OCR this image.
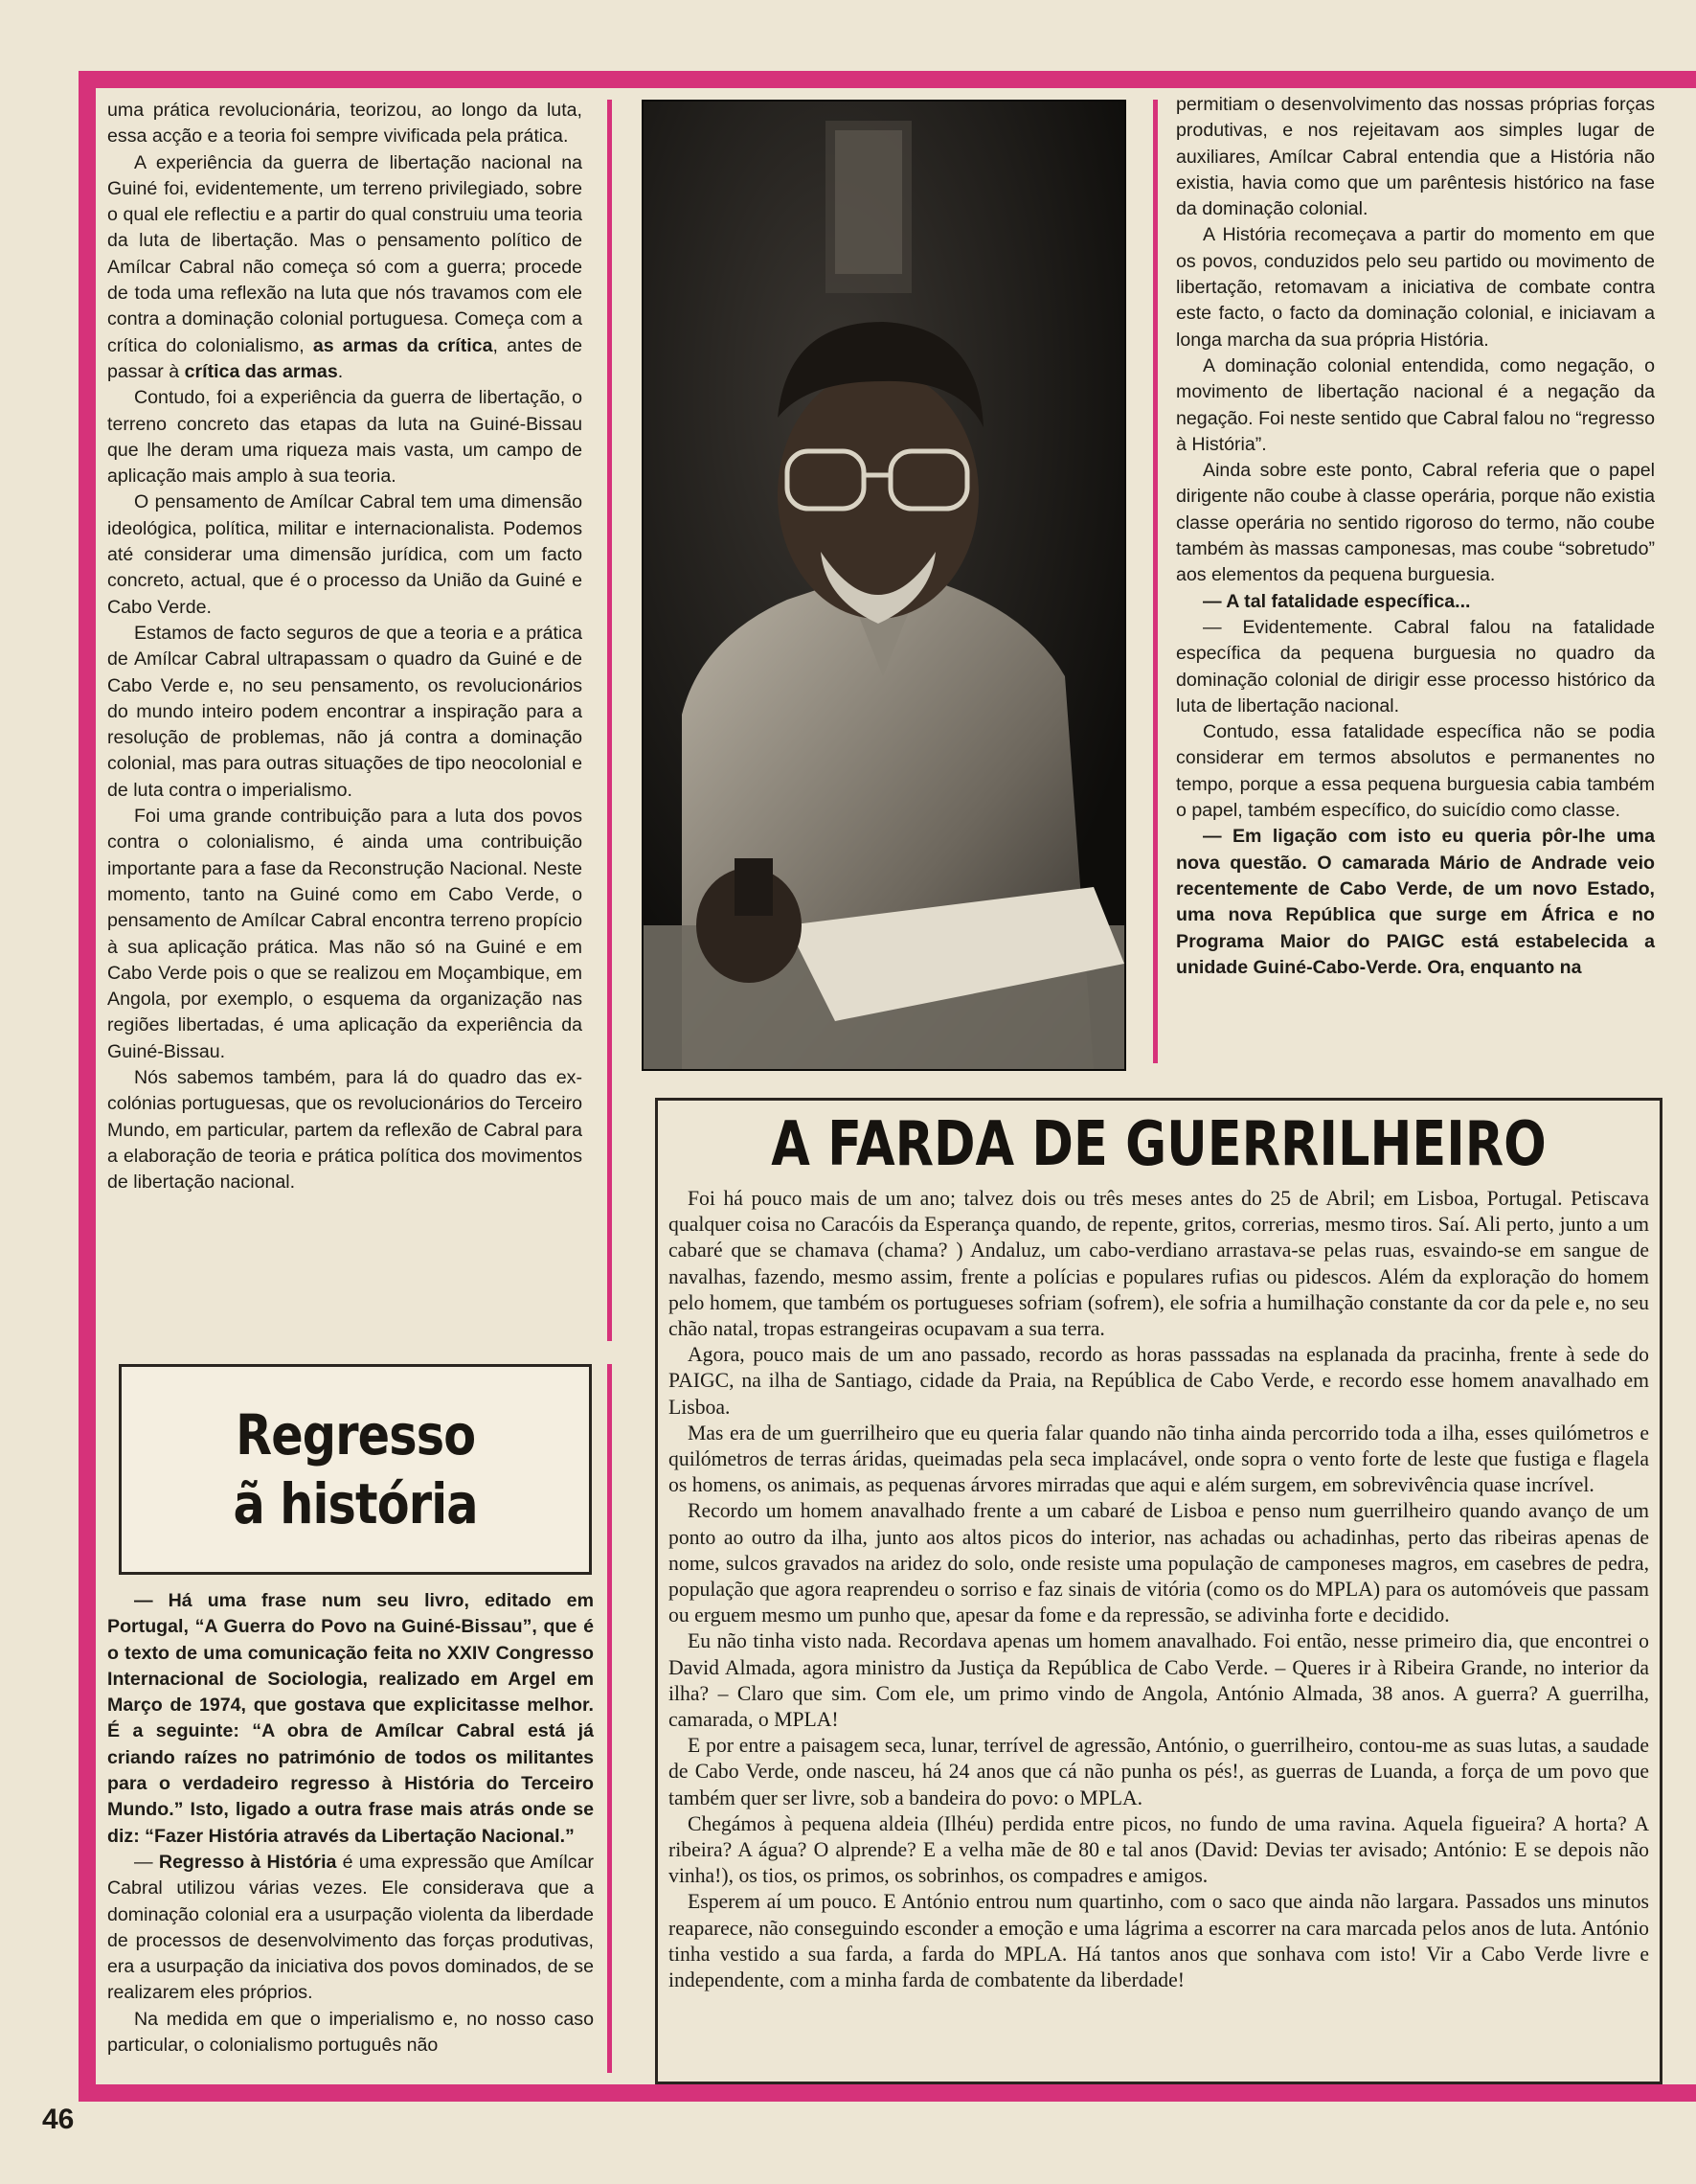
uma prática revolucionária, teorizou, ao longo da luta, essa acção e a teoria foi sempre vivificada pela prática.

A experiência da guerra de libertação nacional na Guiné foi, evidentemente, um terreno privilegiado, sobre o qual ele reflectiu e a partir do qual construiu uma teoria da luta de libertação. Mas o pensamento político de Amílcar Cabral não começa só com a guerra; procede de toda uma reflexão na luta que nós travamos com ele contra a dominação colonial portuguesa. Começa com a crítica do colonialismo, as armas da crítica, antes de passar à crítica das armas.

Contudo, foi a experiência da guerra de libertação, o terreno concreto das etapas da luta na Guiné-Bissau que lhe deram uma riqueza mais vasta, um campo de aplicação mais amplo à sua teoria.

O pensamento de Amílcar Cabral tem uma dimensão ideológica, política, militar e internacionalista. Podemos até considerar uma dimensão jurídica, com um facto concreto, actual, que é o processo da União da Guiné e Cabo Verde.

Estamos de facto seguros de que a teoria e a prática de Amílcar Cabral ultrapassam o quadro da Guiné e de Cabo Verde e, no seu pensamento, os revolucionários do mundo inteiro podem encontrar a inspiração para a resolução de problemas, não já contra a dominação colonial, mas para outras situações de tipo neocolonial e de luta contra o imperialismo.

Foi uma grande contribuição para a luta dos povos contra o colonialismo, é ainda uma contribuição importante para a fase da Reconstrução Nacional. Neste momento, tanto na Guiné como em Cabo Verde, o pensamento de Amílcar Cabral encontra terreno propício à sua aplicação prática. Mas não só na Guiné e em Cabo Verde pois o que se realizou em Moçambique, em Angola, por exemplo, o esquema da organização nas regiões libertadas, é uma aplicação da experiência da Guiné-Bissau.

Nós sabemos também, para lá do quadro das ex-colónias portuguesas, que os revolucionários do Terceiro Mundo, em particular, partem da reflexão de Cabral para a elaboração de teoria e prática política dos movimentos de libertação nacional.

Regresso
ã história

— Há uma frase num seu livro, editado em Portugal, “A Guerra do Povo na Guiné-Bissau”, que é o texto de uma comunicação feita no XXIV Congresso Internacional de Sociologia, realizado em Argel em Março de 1974, que gostava que explicitasse melhor. É a seguinte: “A obra de Amílcar Cabral está já criando raízes no património de todos os militantes para o verdadeiro regresso à História do Terceiro Mundo.” Isto, ligado a outra frase mais atrás onde se diz: “Fazer História através da Libertação Nacional.”

— Regresso à História é uma expressão que Amílcar Cabral utilizou várias vezes. Ele considerava que a dominação colonial era a usurpação violenta da liberdade de processos de desenvolvimento das forças produtivas, era a usurpação da iniciativa dos povos dominados, de se realizarem eles próprios.

Na medida em que o imperialismo e, no nosso caso particular, o colonialismo português não

permitiam o desenvolvimento das nossas próprias forças produtivas, e nos rejeitavam aos simples lugar de auxiliares, Amílcar Cabral entendia que a História não existia, havia como que um parêntesis histórico na fase da dominação colonial.

A História recomeçava a partir do momento em que os povos, conduzidos pelo seu partido ou movimento de libertação, retomavam a iniciativa de combate contra este facto, o facto da dominação colonial, e iniciavam a longa marcha da sua própria História.

A dominação colonial entendida, como negação, o movimento de libertação nacional é a negação da negação. Foi neste sentido que Cabral falou no “regresso à História”.

Ainda sobre este ponto, Cabral referia que o papel dirigente não coube à classe operária, porque não existia classe operária no sentido rigoroso do termo, não coube também às massas camponesas, mas coube “sobretudo” aos elementos da pequena burguesia.

— A tal fatalidade específica...

— Evidentemente. Cabral falou na fatalidade específica da pequena burguesia no quadro da dominação colonial de dirigir esse processo histórico da luta de libertação nacional.

Contudo, essa fatalidade específica não se podia considerar em termos absolutos e permanentes no tempo, porque a essa pequena burguesia cabia também o papel, também específico, do suicídio como classe.

— Em ligação com isto eu queria pôr-lhe uma nova questão. O camarada Mário de Andrade veio recentemente de Cabo Verde, de um novo Estado, uma nova República que surge em África e no Programa Maior do PAIGC está estabelecida a unidade Guiné-Cabo-Verde. Ora, enquanto na

A FARDA DE GUERRILHEIRO

Foi há pouco mais de um ano; talvez dois ou três meses antes do 25 de Abril; em Lisboa, Portugal. Petiscava qualquer coisa no Caracóis da Esperança quando, de repente, gritos, correrias, mesmo tiros. Saí. Ali perto, junto a um cabaré que se chamava (chama? ) Andaluz, um cabo-verdiano arrastava-se pelas ruas, esvaindo-se em sangue de navalhas, fazendo, mesmo assim, frente a polícias e populares rufias ou pidescos. Além da exploração do homem pelo homem, que também os portugueses sofriam (sofrem), ele sofria a humilhação constante da cor da pele e, no seu chão natal, tropas estrangeiras ocupavam a sua terra.

Agora, pouco mais de um ano passado, recordo as horas passsadas na esplanada da pracinha, frente à sede do PAIGC, na ilha de Santiago, cidade da Praia, na República de Cabo Verde, e recordo esse homem anavalhado em Lisboa.

Mas era de um guerrilheiro que eu queria falar quando não tinha ainda percorrido toda a ilha, esses quilómetros e quilómetros de terras áridas, queimadas pela seca implacável, onde sopra o vento forte de leste que fustiga e flagela os homens, os animais, as pequenas árvores mirradas que aqui e além surgem, em sobrevivência quase incrível.

Recordo um homem anavalhado frente a um cabaré de Lisboa e penso num guerrilheiro quando avanço de um ponto ao outro da ilha, junto aos altos picos do interior, nas achadas ou achadinhas, perto das ribeiras apenas de nome, sulcos gravados na aridez do solo, onde resiste uma população de camponeses magros, em casebres de pedra, população que agora reaprendeu o sorriso e faz sinais de vitória (como os do MPLA) para os automóveis que passam ou erguem mesmo um punho que, apesar da fome e da repressão, se adivinha forte e decidido.

Eu não tinha visto nada. Recordava apenas um homem anavalhado. Foi então, nesse primeiro dia, que encontrei o David Almada, agora ministro da Justiça da República de Cabo Verde. – Queres ir à Ribeira Grande, no interior da ilha? – Claro que sim. Com ele, um primo vindo de Angola, António Almada, 38 anos. A guerra? A guerrilha, camarada, o MPLA!

E por entre a paisagem seca, lunar, terrível de agressão, António, o guerrilheiro, contou-me as suas lutas, a saudade de Cabo Verde, onde nasceu, há 24 anos que cá não punha os pés!, as guerras de Luanda, a força de um povo que também quer ser livre, sob a bandeira do povo: o MPLA.

Chegámos à pequena aldeia (Ilhéu) perdida entre picos, no fundo de uma ravina. Aquela figueira? A horta? A ribeira? A água? O alprende? E a velha mãe de 80 e tal anos (David: Devias ter avisado; António: E se depois não vinha!), os tios, os primos, os sobrinhos, os compadres e amigos.

Esperem aí um pouco. E António entrou num quartinho, com o saco que ainda não largara. Passados uns minutos reaparece, não conseguindo esconder a emoção e uma lágrima a escorrer na cara marcada pelos anos de luta. António tinha vestido a sua farda, a farda do MPLA. Há tantos anos que sonhava com isto! Vir a Cabo Verde livre e independente, com a minha farda de combatente da liberdade!

46
